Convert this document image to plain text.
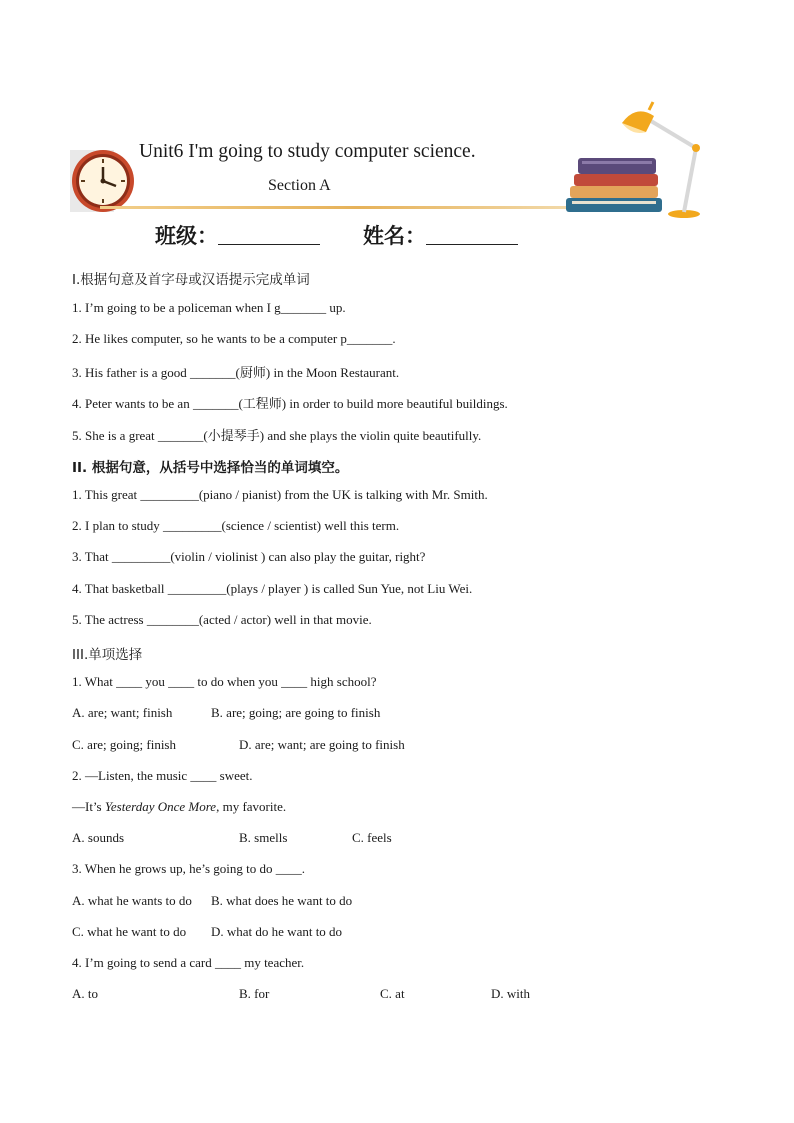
Unit6 I'm going to study computer science.
Section A
班级：	姓名：
I.根据句意及首字母或汉语提示完成单词
1. I’m going to be a policeman when I g_______ up.
2. He likes computer, so he wants to be a computer p_______.
3. His father is a good _______(厨师) in the Moon Restaurant.
4. Peter wants to be an _______(工程师) in order to build more beautiful buildings.
5. She is a great _______(小提琴手) and she plays the violin quite beautifully.
II. 根据句意，从括号中选择恰当的单词填空。
1. This great _________(piano / pianist) from the UK is talking with Mr. Smith.
2. I plan to study _________(science / scientist) well this term.
3. That _________(violin / violinist ) can also play the guitar, right?
4. That basketball _________(plays / player ) is called Sun Yue, not Liu Wei.
5. The actress ________(acted / actor) well in that movie.
III.单项选择
1. What ____ you ____ to do when you ____ high school?
A. are; want; finish	B. are; going; are going to finish
C. are; going; finish	D. are; want; are going to finish
2. —Listen, the music ____ sweet.
—It’s Yesterday Once More, my favorite.
A. sounds	B. smells	C. feels
3. When he grows up, he’s going to do ____.
A. what he wants to do B. what does he want to do
C. what he want to do D. what do he want to do
4. I’m going to send a card ____ my teacher.
A. to	B. for	C. at	D. with
